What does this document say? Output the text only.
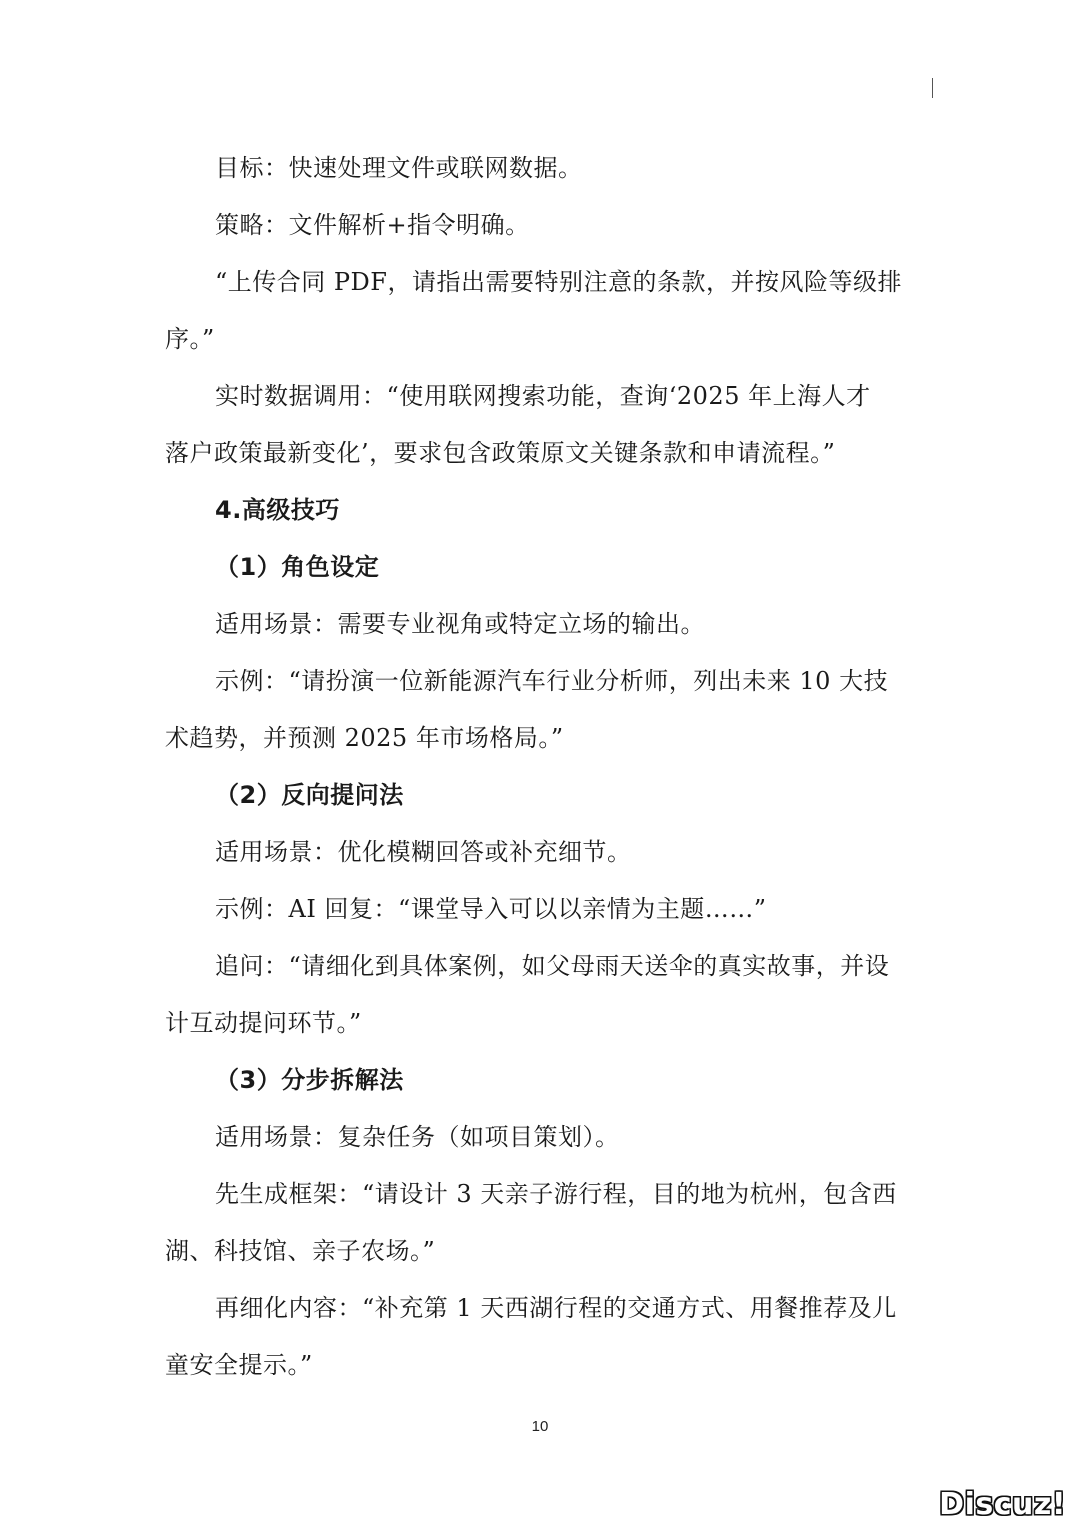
目标：快速处理文件或联网数据。
策略：文件解析+指令明确。
“上传合同 PDF，请指出需要特别注意的条款，并按风险等级排
序。”
实时数据调用：“使用联网搜索功能，查询‘2025 年上海人才
落户政策最新变化’，要求包含政策原文关键条款和申请流程。”
4.高级技巧
（1）角色设定
适用场景：需要专业视角或特定立场的输出。
示例：“请扮演一位新能源汽车行业分析师，列出未来 10 大技
术趋势，并预测 2025 年市场格局。”
（2）反向提问法
适用场景：优化模糊回答或补充细节。
示例：AI 回复：“课堂导入可以以亲情为主题……”
追问：“请细化到具体案例，如父母雨天送伞的真实故事，并设
计互动提问环节。”
（3）分步拆解法
适用场景：复杂任务（如项目策划）。
先生成框架：“请设计 3 天亲子游行程，目的地为杭州，包含西
湖、科技馆、亲子农场。”
再细化内容：“补充第 1 天西湖行程的交通方式、用餐推荐及儿
童安全提示。”
10
Discuz!
